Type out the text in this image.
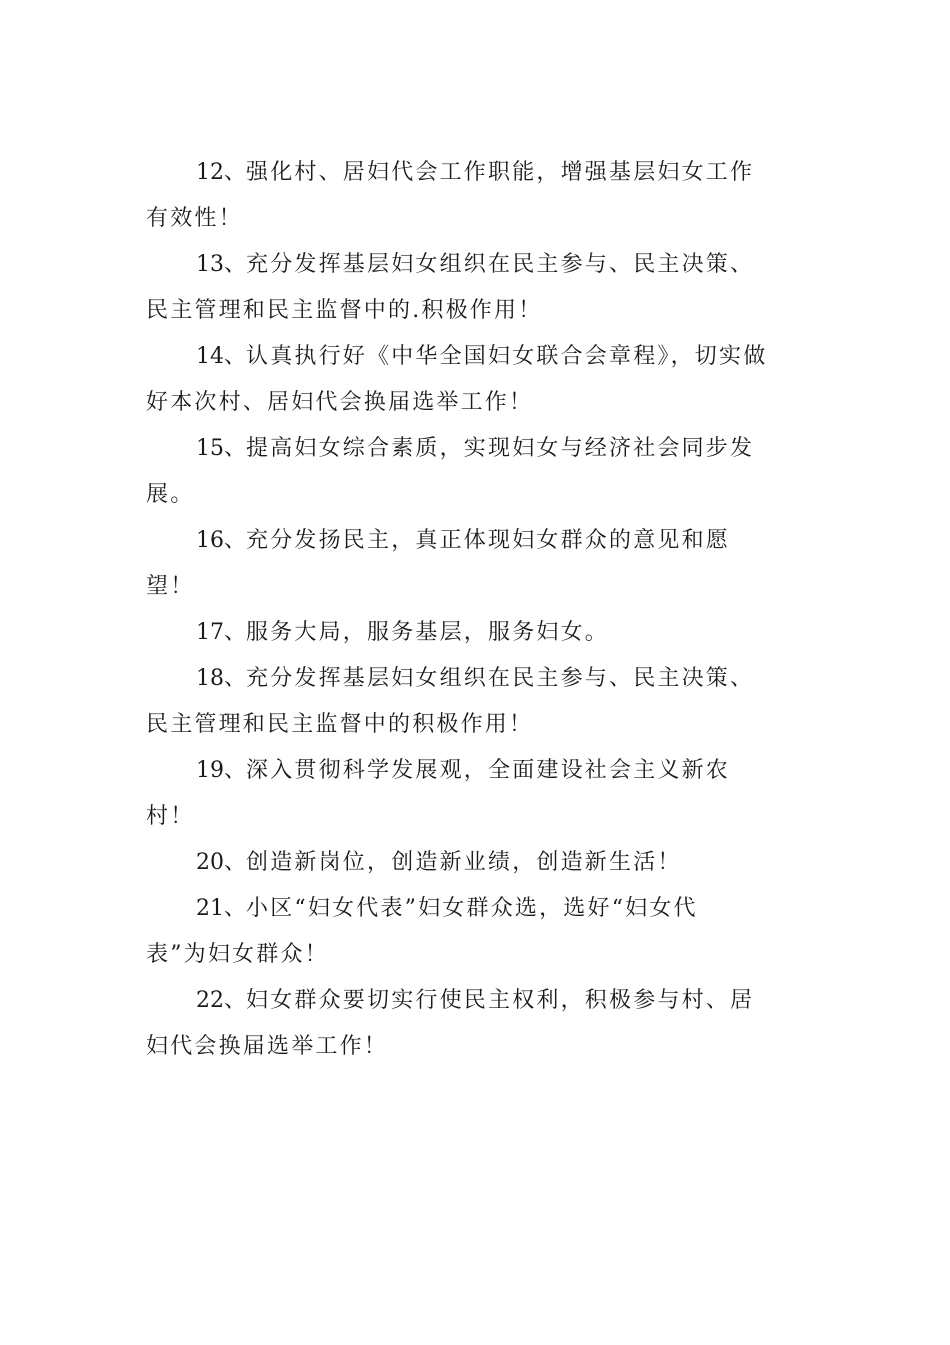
12、强化村、居妇代会工作职能，增强基层妇女工作
有效性！

13、充分发挥基层妇女组织在民主参与、民主决策、
民主管理和民主监督中的.积极作用！

14、认真执行好《中华全国妇女联合会章程》，切实做
好本次村、居妇代会换届选举工作！

15、提高妇女综合素质，实现妇女与经济社会同步发
展。

16、充分发扬民主，真正体现妇女群众的意见和愿
望！

17、服务大局，服务基层，服务妇女。

18、充分发挥基层妇女组织在民主参与、民主决策、
民主管理和民主监督中的积极作用！

19、深入贯彻科学发展观，全面建设社会主义新农
村！

20、创造新岗位，创造新业绩，创造新生活！

21、小区“妇女代表”妇女群众选，选好“妇女代
表”为妇女群众！

22、妇女群众要切实行使民主权利，积极参与村、居
妇代会换届选举工作！
